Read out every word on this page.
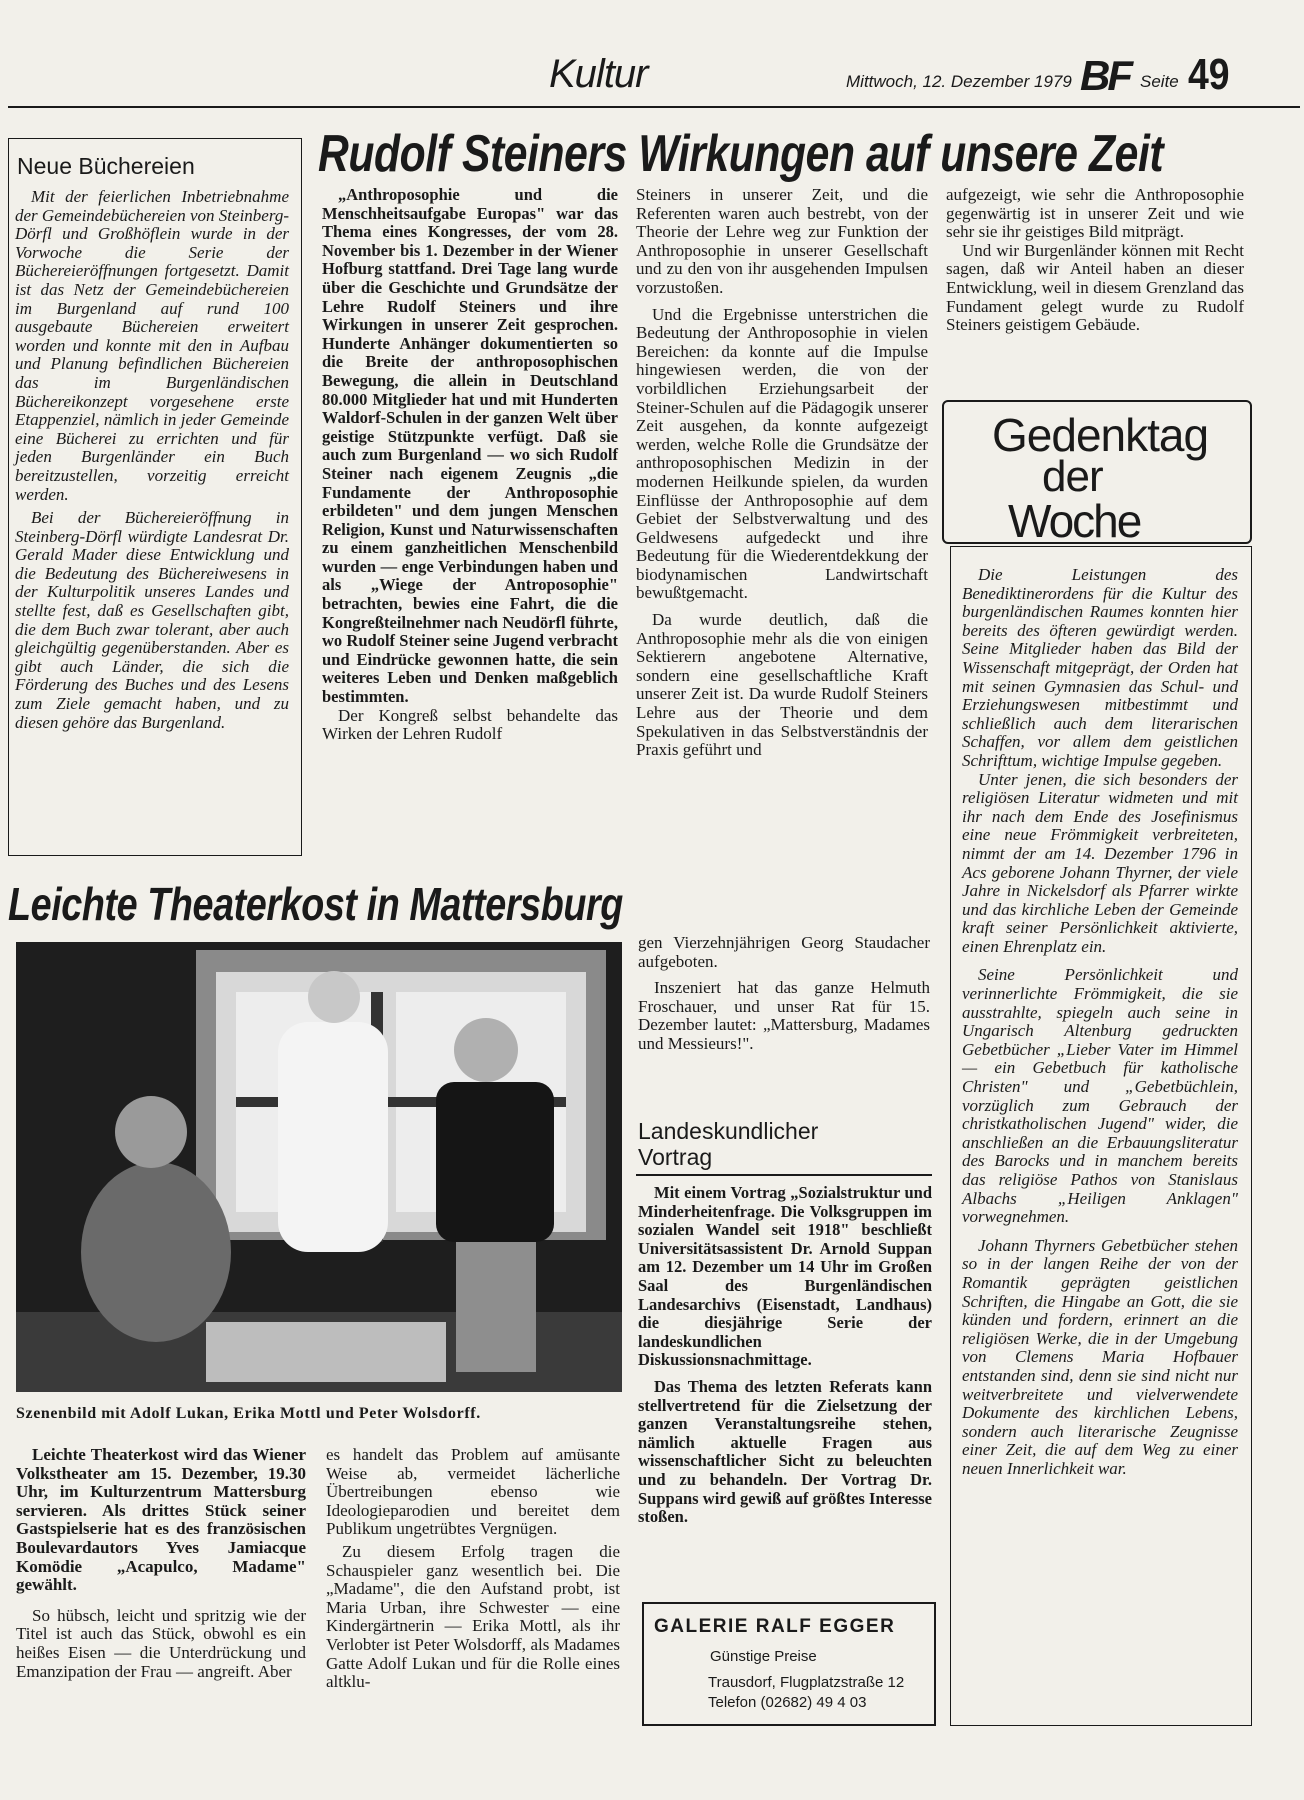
Kultur	Mittwoch, 12. Dezember 1979 BF Seite 49
Neue Büchereien

Mit der feierlichen Inbetriebnahme der Gemeindebüchereien von Steinberg-Dörfl und Großhöflein wurde in der Vorwoche die Serie der Büchereieröffnungen fortgesetzt. Damit ist das Netz der Gemeindebüchereien im Burgenland auf rund 100 ausgebaute Büchereien erweitert worden und konnte mit den in Aufbau und Planung befindlichen Büchereien das im Burgenländischen Büchereikonzept vorgesehene erste Etappenziel, nämlich in jeder Gemeinde eine Bücherei zu errichten und für jeden Burgenländer ein Buch bereitzustellen, vorzeitig erreicht werden.

Bei der Büchereieröffnung in Steinberg-Dörfl würdigte Landesrat Dr. Gerald Mader diese Entwicklung und die Bedeutung des Büchereiwesens in der Kulturpolitik unseres Landes und stellte fest, daß es Gesellschaften gibt, die dem Buch zwar tolerant, aber auch gleichgültig gegenüberstanden. Aber es gibt auch Länder, die sich die Förderung des Buches und des Lesens zum Ziele gemacht haben, und zu diesen gehöre das Burgenland.

Rudolf Steiners Wirkungen auf unsere Zeit

„Anthroposophie und die Menschheitsaufgabe Europas" war das Thema eines Kongresses, der vom 28. November bis 1. Dezember in der Wiener Hofburg stattfand. Drei Tage lang wurde über die Geschichte und Grundsätze der Lehre Rudolf Steiners und ihre Wirkungen in unserer Zeit gesprochen. Hunderte Anhänger dokumentierten so die Breite der anthroposophischen Bewegung, die allein in Deutschland 80.000 Mitglieder hat und mit Hunderten Waldorf-Schulen in der ganzen Welt über geistige Stützpunkte verfügt. Daß sie auch zum Burgenland — wo sich Rudolf Steiner nach eigenem Zeugnis „die Fundamente der Anthroposophie erbildeten" und dem jungen Menschen Religion, Kunst und Naturwissenschaften zu einem ganzheitlichen Menschenbild wurden — enge Verbindungen haben und als „Wiege der Antroposophie" betrachten, bewies eine Fahrt, die die Kongreßteilnehmer nach Neudörfl führte, wo Rudolf Steiner seine Jugend verbracht und Eindrücke gewonnen hatte, die sein weiteres Leben und Denken maßgeblich bestimmten.

Der Kongreß selbst behandelte das Wirken der Lehren Rudolf

Steiners in unserer Zeit, und die Referenten waren auch bestrebt, von der Theorie der Lehre weg zur Funktion der Anthroposophie in unserer Gesellschaft und zu den von ihr ausgehenden Impulsen vorzustoßen.

Und die Ergebnisse unterstrichen die Bedeutung der Anthroposophie in vielen Bereichen: da konnte auf die Impulse hingewiesen werden, die von der vorbildlichen Erziehungsarbeit der Steiner-Schulen auf die Pädagogik unserer Zeit ausgehen, da konnte aufgezeigt werden, welche Rolle die Grundsätze der anthroposophischen Medizin in der modernen Heilkunde spielen, da wurden Einflüsse der Anthroposophie auf dem Gebiet der Selbstverwaltung und des Geldwesens aufgedeckt und ihre Bedeutung für die Wiederentdekkung der biodynamischen Landwirtschaft bewußtgemacht.

Da wurde deutlich, daß die Anthroposophie mehr als die von einigen Sektierern angebotene Alternative, sondern eine gesellschaftliche Kraft unserer Zeit ist. Da wurde Rudolf Steiners Lehre aus der Theorie und dem Spekulativen in das Selbstverständnis der Praxis geführt und

aufgezeigt, wie sehr die Anthroposophie gegenwärtig ist in unserer Zeit und wie sehr sie ihr geistiges Bild mitprägt.

Und wir Burgenländer können mit Recht sagen, daß wir Anteil haben an dieser Entwicklung, weil in diesem Grenzland das Fundament gelegt wurde zu Rudolf Steiners geistigem Gebäude.

Gedenktag
der
Woche

Die Leistungen des Benediktinerordens für die Kultur des burgenländischen Raumes konnten hier bereits des öfteren gewürdigt werden. Seine Mitglieder haben das Bild der Wissenschaft mitgeprägt, der Orden hat mit seinen Gymnasien das Schul- und Erziehungswesen mitbestimmt und schließlich auch dem literarischen Schaffen, vor allem dem geistlichen Schrifttum, wichtige Impulse gegeben.

Unter jenen, die sich besonders der religiösen Literatur widmeten und mit ihr nach dem Ende des Josefinismus eine neue Frömmigkeit verbreiteten, nimmt der am 14. Dezember 1796 in Acs geborene Johann Thyrner, der viele Jahre in Nickelsdorf als Pfarrer wirkte und das kirchliche Leben der Gemeinde kraft seiner Persönlichkeit aktivierte, einen Ehrenplatz ein.

Seine Persönlichkeit und verinnerlichte Frömmigkeit, die sie ausstrahlte, spiegeln auch seine in Ungarisch Altenburg gedruckten Gebetbücher „Lieber Vater im Himmel — ein Gebetbuch für katholische Christen" und „Gebetbüchlein, vorzüglich zum Gebrauch der christkatholischen Jugend" wider, die anschließen an die Erbauungsliteratur des Barocks und in manchem bereits das religiöse Pathos von Stanislaus Albachs „Heiligen Anklagen" vorwegnehmen.

Johann Thyrners Gebetbücher stehen so in der langen Reihe der von der Romantik geprägten geistlichen Schriften, die Hingabe an Gott, die sie künden und fordern, erinnert an die religiösen Werke, die in der Umgebung von Clemens Maria Hofbauer entstanden sind, denn sie sind nicht nur weitverbreitete und vielverwendete Dokumente des kirchlichen Lebens, sondern auch literarische Zeugnisse einer Zeit, die auf dem Weg zu einer neuen Innerlichkeit war.

Leichte Theaterkost in Mattersburg
Szenenbild mit Adolf Lukan, Erika Mottl und Peter Wolsdorff.

Leichte Theaterkost wird das Wiener Volkstheater am 15. Dezember, 19.30 Uhr, im Kulturzentrum Mattersburg servieren. Als drittes Stück seiner Gastspielserie hat es des französischen Boulevardautors Yves Jamiacque Komödie „Acapulco, Madame" gewählt.

So hübsch, leicht und spritzig wie der Titel ist auch das Stück, obwohl es ein heißes Eisen — die Unterdrückung und Emanzipation der Frau — angreift. Aber

es handelt das Problem auf amüsante Weise ab, vermeidet lächerliche Übertreibungen ebenso wie Ideologieparodien und bereitet dem Publikum ungetrübtes Vergnügen.

Zu diesem Erfolg tragen die Schauspieler ganz wesentlich bei. Die „Madame", die den Aufstand probt, ist Maria Urban, ihre Schwester — eine Kindergärtnerin — Erika Mottl, als ihr Verlobter ist Peter Wolsdorff, als Madames Gatte Adolf Lukan und für die Rolle eines altklu-

gen Vierzehnjährigen Georg Staudacher aufgeboten.

Inszeniert hat das ganze Helmuth Froschauer, und unser Rat für 15. Dezember lautet: „Mattersburg, Madames und Messieurs!".

Landeskundlicher Vortrag

Mit einem Vortrag „Sozialstruktur und Minderheitenfrage. Die Volksgruppen im sozialen Wandel seit 1918" beschließt Universitätsassistent Dr. Arnold Suppan am 12. Dezember um 14 Uhr im Großen Saal des Burgenländischen Landesarchivs (Eisenstadt, Landhaus) die diesjährige Serie der landeskundlichen Diskussionsnachmittage.

Das Thema des letzten Referats kann stellvertretend für die Zielsetzung der ganzen Veranstaltungsreihe stehen, nämlich aktuelle Fragen aus wissenschaftlicher Sicht zu beleuchten und zu behandeln. Der Vortrag Dr. Suppans wird gewiß auf größtes Interesse stoßen.

GALERIE RALF EGGER
Günstige Preise
Trausdorf, Flugplatzstraße 12
Telefon (02682) 49 4 03
